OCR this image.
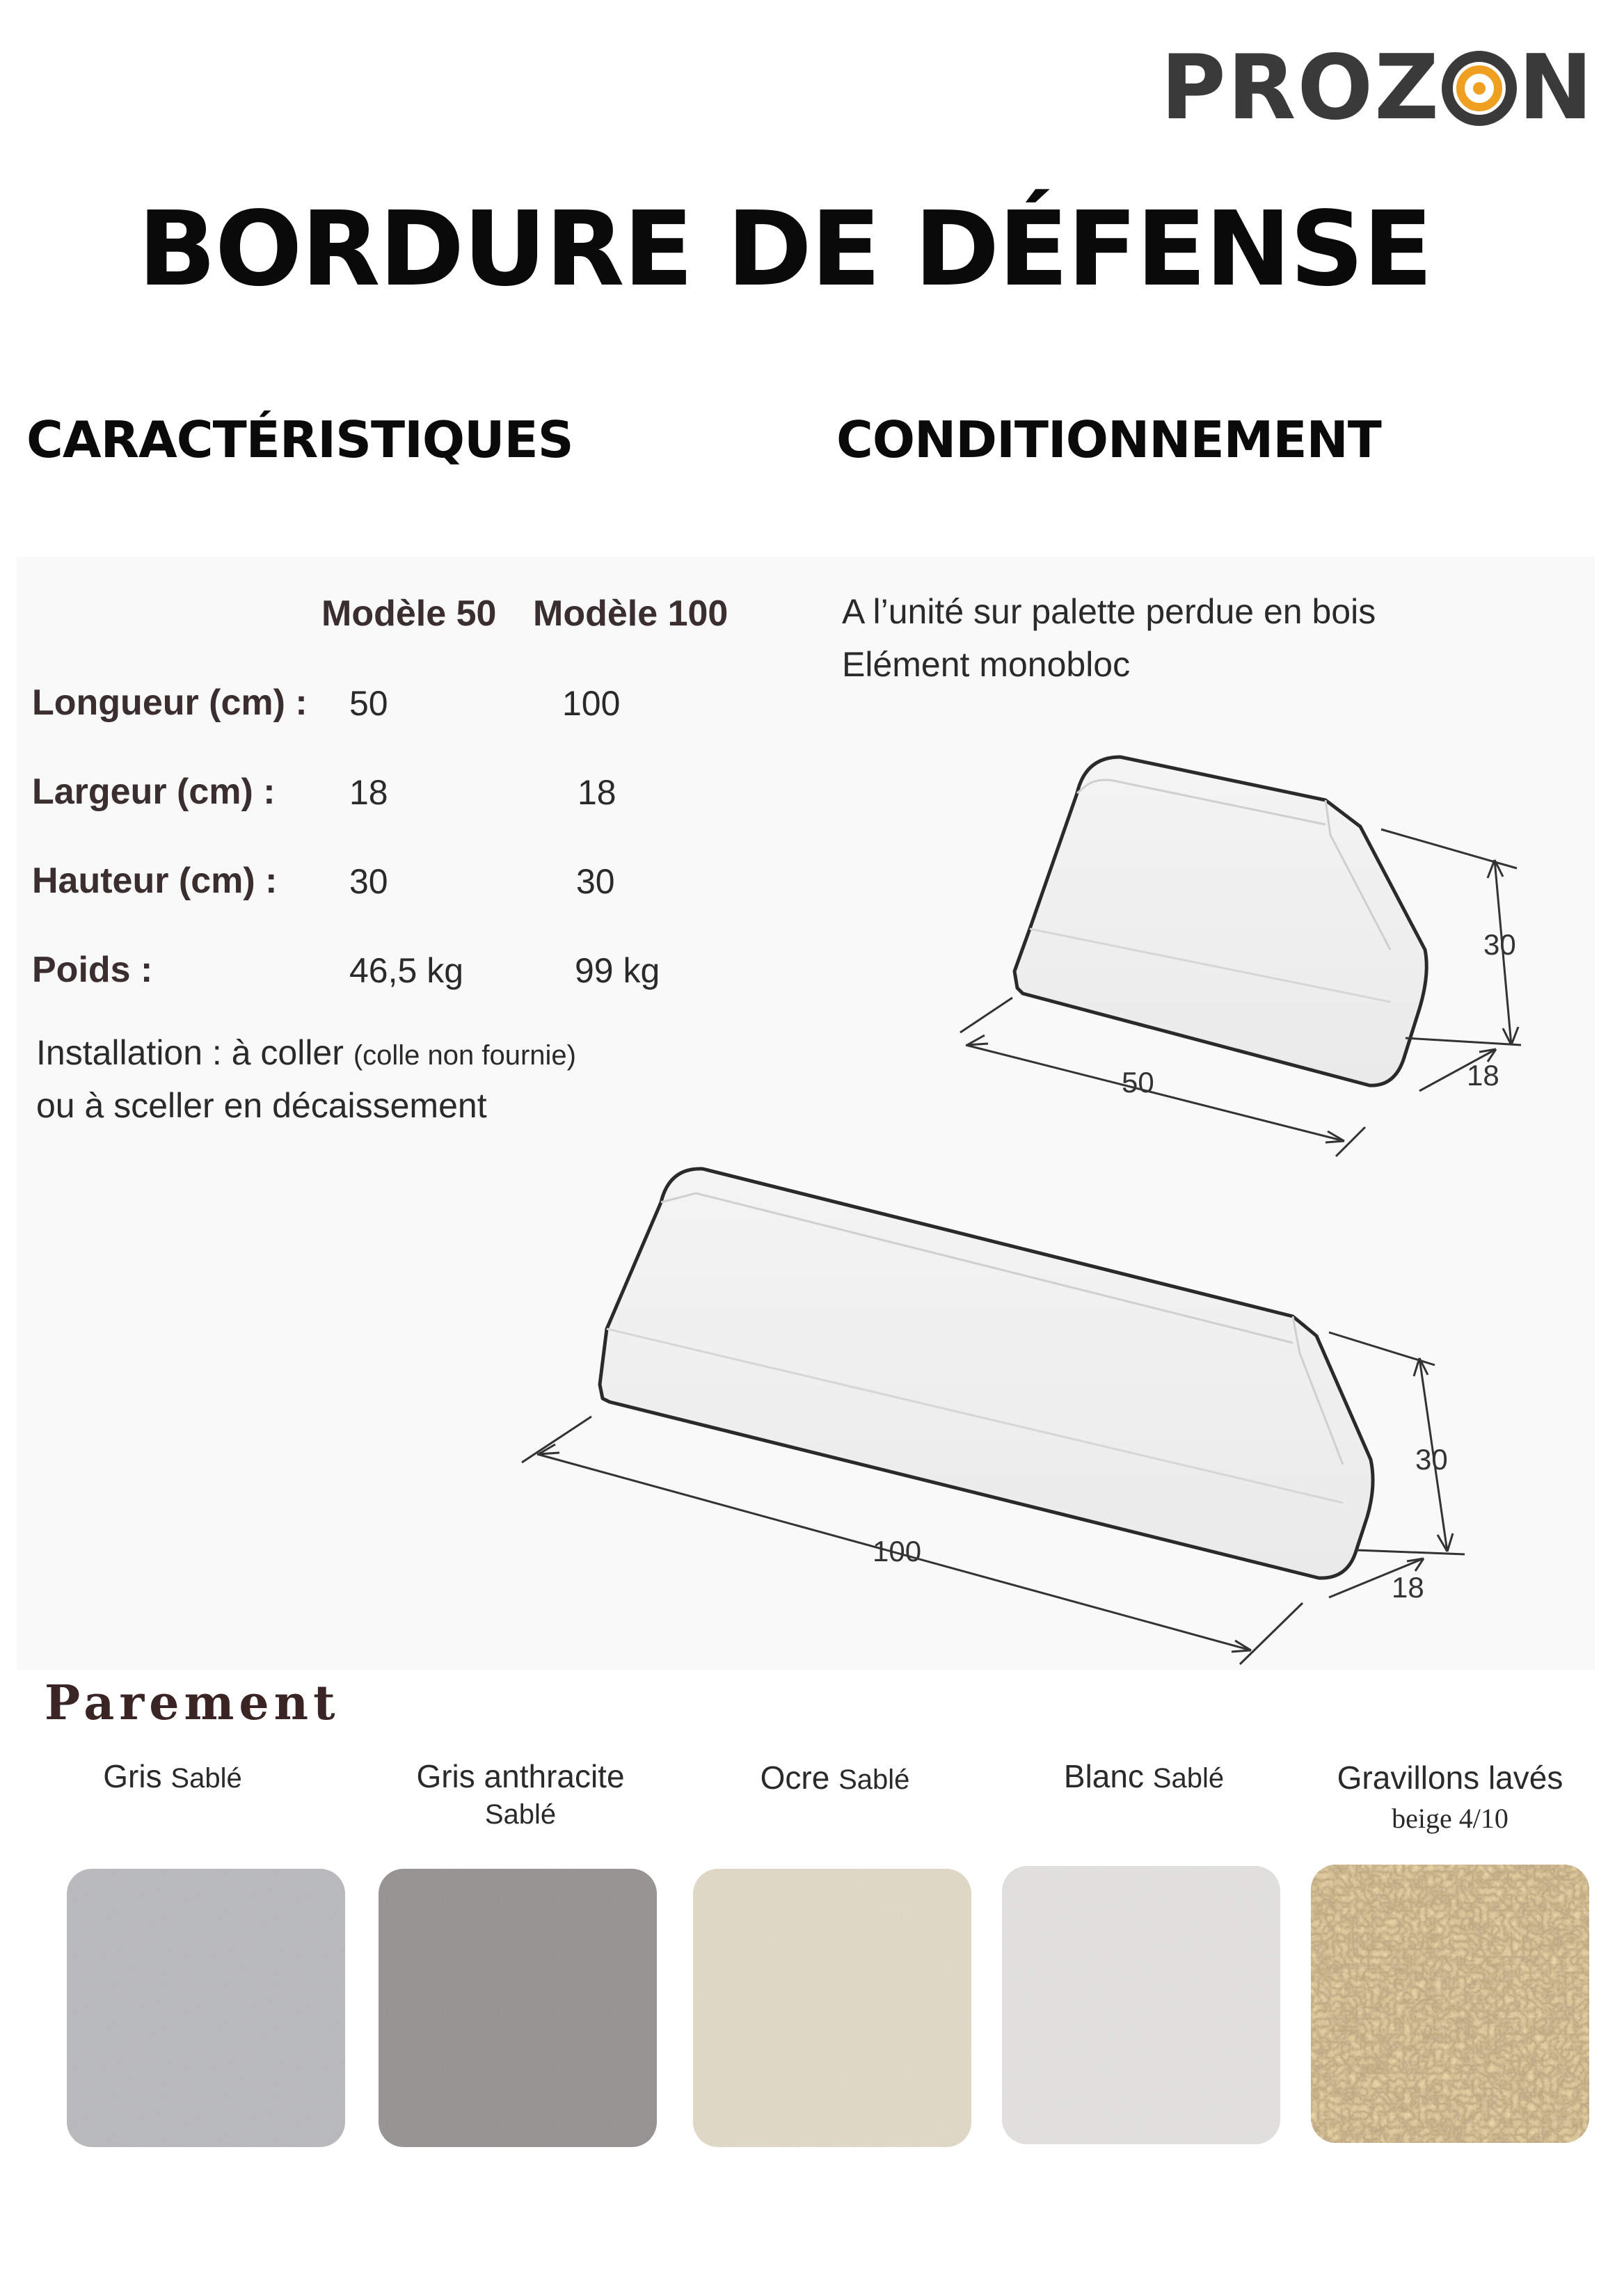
PROZ N
BORDURE DE DÉFENSE
CARACTÉRISTIQUES	CONDITIONNEMENT
Modèle 50 Modèle 100
Longueur (cm) : 50	100
Largeur (cm) : 18	18
Hauteur (cm) : 30	30
Poids :	46,5 kg	99 kg
Installation : à coller (colle non fournie)
ou à sceller en décaissement
A l’unité sur palette perdue en bois
Elément monobloc
50
30
18
100
30
18
Parement
Gris Sablé	Gris anthracite
Sablé
Ocre Sablé	Blanc Sablé	Gravillons lavés
beige 4/10
